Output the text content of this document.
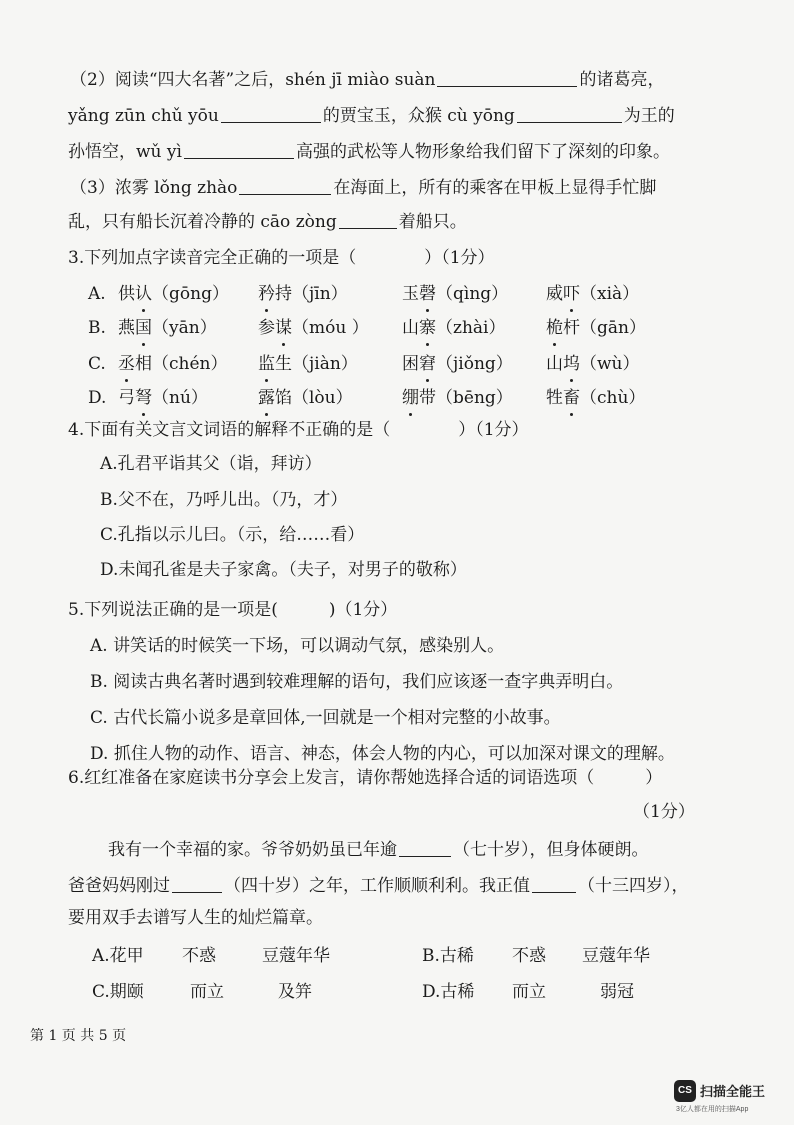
（2）阅读“四大名著”之后，shén jī miào suàn	的诸葛亮，
yǎng zūn chǔ yōu	的贾宝玉，众猴 cù yōng	为王的
孙悟空，wǔ yì	高强的武松等人物形象给我们留下了深刻的印象。
（3）浓雾 lǒng zhào	在海面上，所有的乘客在甲板上显得手忙脚
乱，只有船长沉着冷静的 cāo zòng	着船只。
3.下列加点字读音完全正确的一项是（　　　　）（1分）
A. 供认（gōng） 矜持（jīn）	玉磬（qìng） 威吓（xià）
B. 燕国（yān） 参谋（móu ） 山寨（zhài） 桅杆（gān）
C. 丞相（chén） 监生（jiàn）	困窘（jiǒng） 山坞（wù）
D. 弓弩（nú）	露馅（lòu）	绷带（bēng） 牲畜（chù）
4.下面有关文言文词语的解释不正确的是（　　　　）（1分）
A.孔君平诣其父（诣，拜访）
B.父不在，乃呼儿出。（乃，才）
C.孔指以示儿曰。（示，给……看）
D.未闻孔雀是夫子家禽。（夫子，对男子的敬称）
5.下列说法正确的是一项是(　　　)（1分）
A. 讲笑话的时候笑一下场，可以调动气氛，感染别人。
B. 阅读古典名著时遇到较难理解的语句，我们应该逐一查字典弄明白。
C. 古代长篇小说多是章回体,一回就是一个相对完整的小故事。
D. 抓住人物的动作、语言、神态，体会人物的内心，可以加深对课文的理解。
6.红红准备在家庭读书分享会上发言，请你帮她选择合适的词语选项（　　　）
（1分）
我有一个幸福的家。爷爷奶奶虽已年逾	（七十岁），但身体硬朗。
爸爸妈妈刚过	（四十岁）之年，工作顺顺利利。我正值	（十三四岁），
要用双手去谱写人生的灿烂篇章。
A.花甲 不惑	豆蔻年华	B.古稀 不惑 豆蔻年华
C.期颐	而立	及笄	D.古稀 而立	弱冠
第 1 页 共 5 页
CS 扫描全能王
3亿人都在用的扫描App
